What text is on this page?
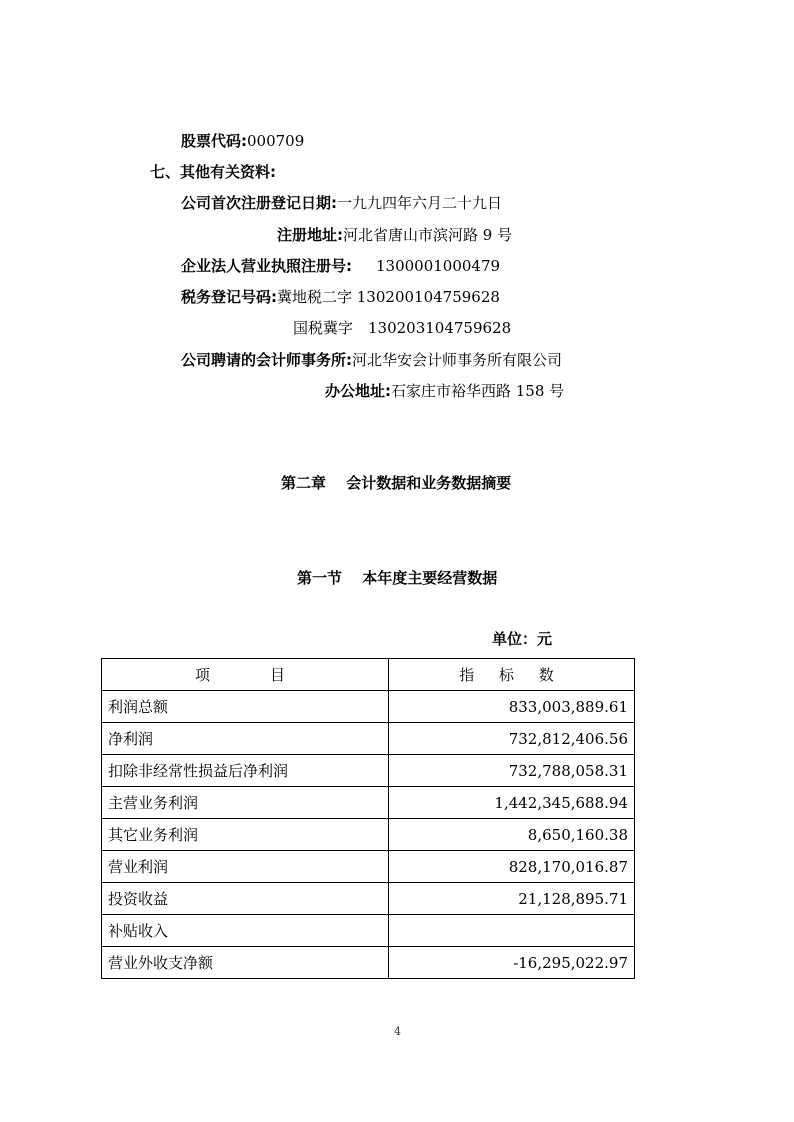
股票代码:000709
七、其他有关资料:
公司首次注册登记日期:一九九四年六月二十九日
注册地址:河北省唐山市滨河路 9 号
企业法人营业执照注册号: 1300001000479
税务登记号码:冀地税二字 130200104759628
国税冀字　130203104759628
公司聘请的会计师事务所:河北华安会计师事务所有限公司
办公地址:石家庄市裕华西路 158 号
第二章　 会计数据和业务数据摘要
第一节　 本年度主要经营数据
单位：元
项　　目	指 标 数
利润总额	833,003,889.61
净利润	732,812,406.56
扣除非经常性损益后净利润	732,788,058.31
主营业务利润	1,442,345,688.94
其它业务利润	8,650,160.38
营业利润	828,170,016.87
投资收益	21,128,895.71
补贴收入	
营业外收支净额	-16,295,022.97
4
